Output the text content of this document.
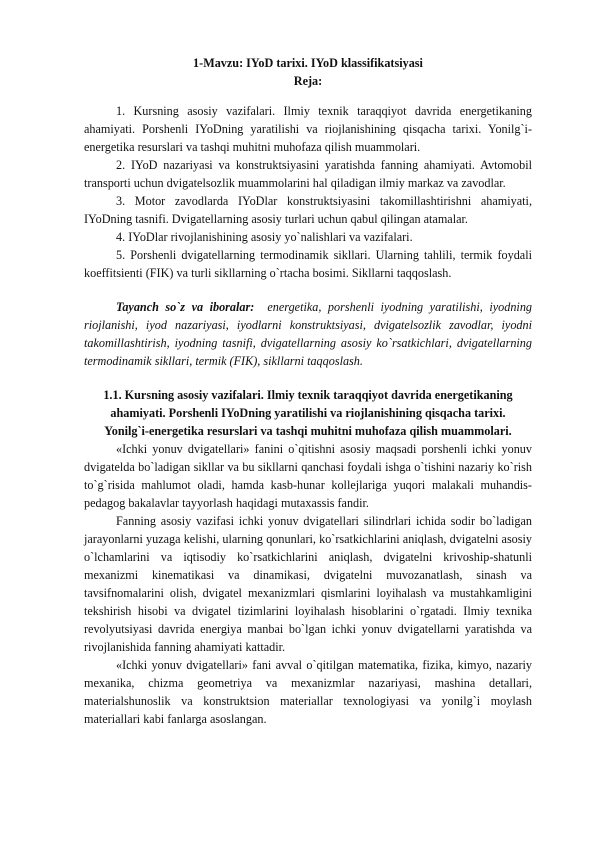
1-Mavzu: IYoD tarixi. IYoD klassifikatsiyasi
Reja:

1. Kursning asosiy vazifalari. Ilmiy texnik taraqqiyot davrida energetikaning ahamiyati. Porshenli IYoDning yaratilishi va riojlanishining qisqacha tarixi. Yonilg`i-energetika resurslari va tashqi muhitni muhofaza qilish muammolari.

2. IYoD nazariyasi va konstruktsiyasini yaratishda fanning ahamiyati. Avtomobil transporti uchun dvigatelsozlik muammolarini hal qiladigan ilmiy markaz va zavodlar.

3. Motor zavodlarda IYoDlar konstruktsiyasini takomillashtirishni ahamiyati, IYoDning tasnifi. Dvigatellarning asosiy turlari uchun qabul qilingan atamalar.

4. IYoDlar rivojlanishining asosiy yo`nalishlari va vazifalari.

5. Porshenli dvigatellarning termodinamik sikllari. Ularning tahlili, termik foydali koeffitsienti (FIK) va turli sikllarning o`rtacha bosimi. Sikllarni taqqoslash.

Tayanch so`z va iboralar: energetika, porshenli iyodning yaratilishi, iyodning riojlanishi, iyod nazariyasi, iyodlarni konstruktsiyasi, dvigatelsozlik zavodlar, iyodni takomillashtirish, iyodning tasnifi, dvigatellarning asosiy ko`rsatkichlari, dvigatellarning termodinamik sikllari, termik (FIK), sikllarni taqqoslash.

1.1. Kursning asosiy vazifalari. Ilmiy texnik taraqqiyot davrida energetikaning ahamiyati. Porshenli IYoDning yaratilishi va riojlanishining qisqacha tarixi. Yonilg`i-energetika resurslari va tashqi muhitni muhofaza qilish muammolari.

«Ichki yonuv dvigatellari» fanini o`qitishni asosiy maqsadi porshenli ichki yonuv dvigatelda bo`ladigan sikllar va bu sikllarni qanchasi foydali ishga o`tishini nazariy ko`rish to`g`risida mahlumot oladi, hamda kasb-hunar kollejlariga yuqori malakali muhandis-pedagog bakalavlar tayyorlash haqidagi mutaxassis fandir.

Fanning asosiy vazifasi ichki yonuv dvigatellari silindrlari ichida sodir bo`ladigan jarayonlarni yuzaga kelishi, ularning qonunlari, ko`rsatkichlarini aniqlash, dvigatelni asosiy o`lchamlarini va iqtisodiy ko`rsatkichlarini aniqlash, dvigatelni krivoship-shatunli mexanizmi kinematikasi va dinamikasi, dvigatelni muvozanatlash, sinash va tavsifnomalarini olish, dvigatel mexanizmlari qismlarini loyihalash va mustahkamligini tekshirish hisobi va dvigatel tizimlarini loyihalash hisoblarini o`rgatadi. Ilmiy texnika revolyutsiyasi davrida energiya manbai bo`lgan ichki yonuv dvigatellarni yaratishda va rivojlanishida fanning ahamiyati kattadir.

«Ichki yonuv dvigatellari» fani avval o`qitilgan matematika, fizika, kimyo, nazariy mexanika, chizma geometriya va mexanizmlar nazariyasi, mashina detallari, materialshunoslik va konstruktsion materiallar texnologiyasi va yonilg`i moylash materiallari kabi fanlarga asoslangan.
